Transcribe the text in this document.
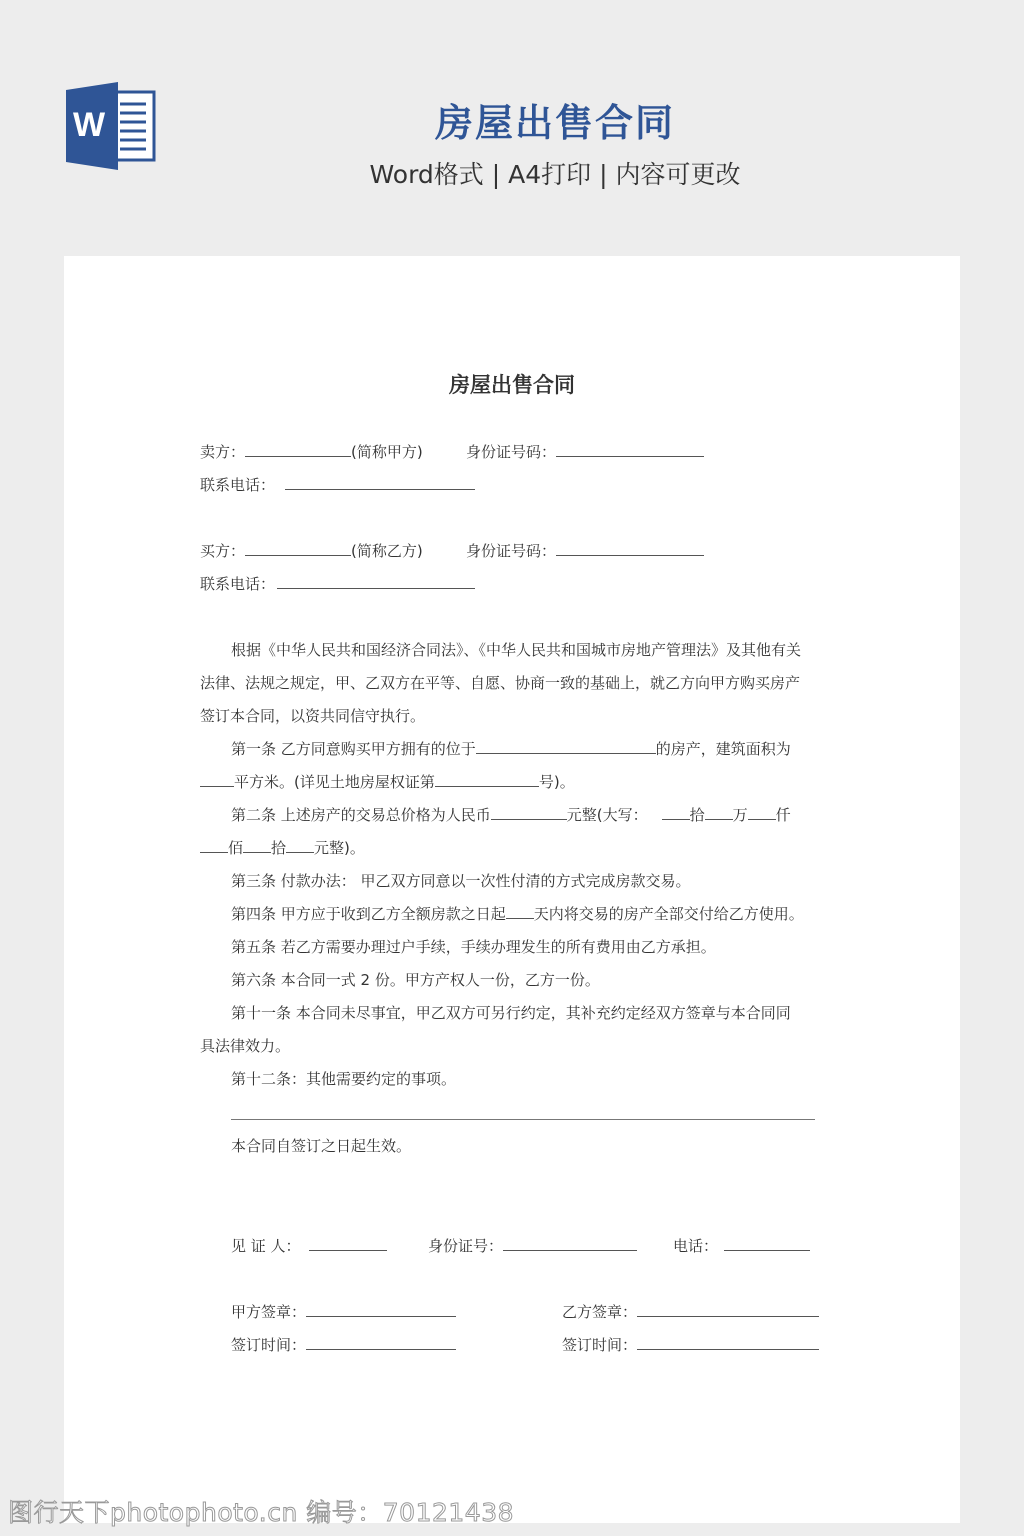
W	房屋出售合同
Word格式 | A4打印 | 内容可更改
房屋出售合同
卖方：	(简称甲方)	身份证号码：
联系电话：
买方：	(简称乙方)	身份证号码：
联系电话：
根据《中华人民共和国经济合同法》、《中华人民共和国城市房地产管理法》及其他有关
法律、法规之规定，甲、乙双方在平等、自愿、协商一致的基础上，就乙方向甲方购买房产
签订本合同，以资共同信守执行。
第一条 乙方同意购买甲方拥有的位于	的房产，建筑面积为
平方米。(详见土地房屋权证第	号)。
第二条 上述房产的交易总价格为人民币	元整(大写：	拾 万 仟
佰 拾 元整)。
第三条 付款办法： 甲乙双方同意以一次性付清的方式完成房款交易。
第四条 甲方应于收到乙方全额房款之日起 天内将交易的房产全部交付给乙方使用。
第五条 若乙方需要办理过户手续，手续办理发生的所有费用由乙方承担。
第六条 本合同一式 2 份。甲方产权人一份，乙方一份。
第十一条 本合同未尽事宜，甲乙双方可另行约定，其补充约定经双方签章与本合同同
具法律效力。
第十二条：其他需要约定的事项。
本合同自签订之日起生效。
见 证 人：	身份证号：	电话：
甲方签章：	乙方签章：
签订时间：	签订时间：
图行天下photophoto.cn 编号：70121438
